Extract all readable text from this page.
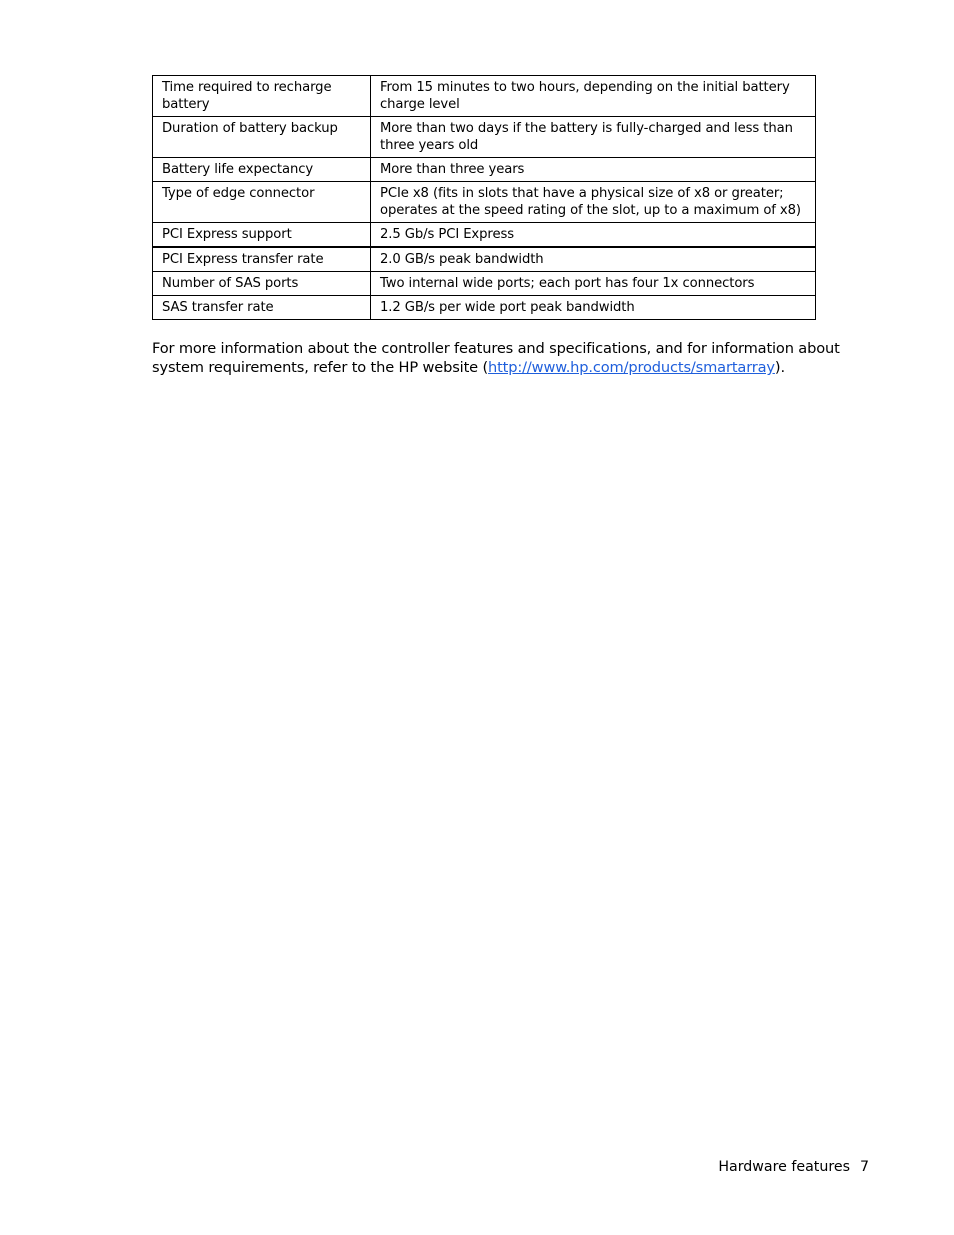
Time required to recharge battery	From 15 minutes to two hours, depending on the initial battery charge level
Duration of battery backup	More than two days if the battery is fully-charged and less than three years old
Battery life expectancy	More than three years
Type of edge connector	PCIe x8 (fits in slots that have a physical size of x8 or greater; operates at the speed rating of the slot, up to a maximum of x8)
PCI Express support	2.5 Gb/s PCI Express
PCI Express transfer rate	2.0 GB/s peak bandwidth
Number of SAS ports	Two internal wide ports; each port has four 1x connectors
SAS transfer rate	1.2 GB/s per wide port peak bandwidth

For more information about the controller features and specifications, and for information about system requirements, refer to the HP website (http://www.hp.com/products/smartarray).

Hardware features 7
